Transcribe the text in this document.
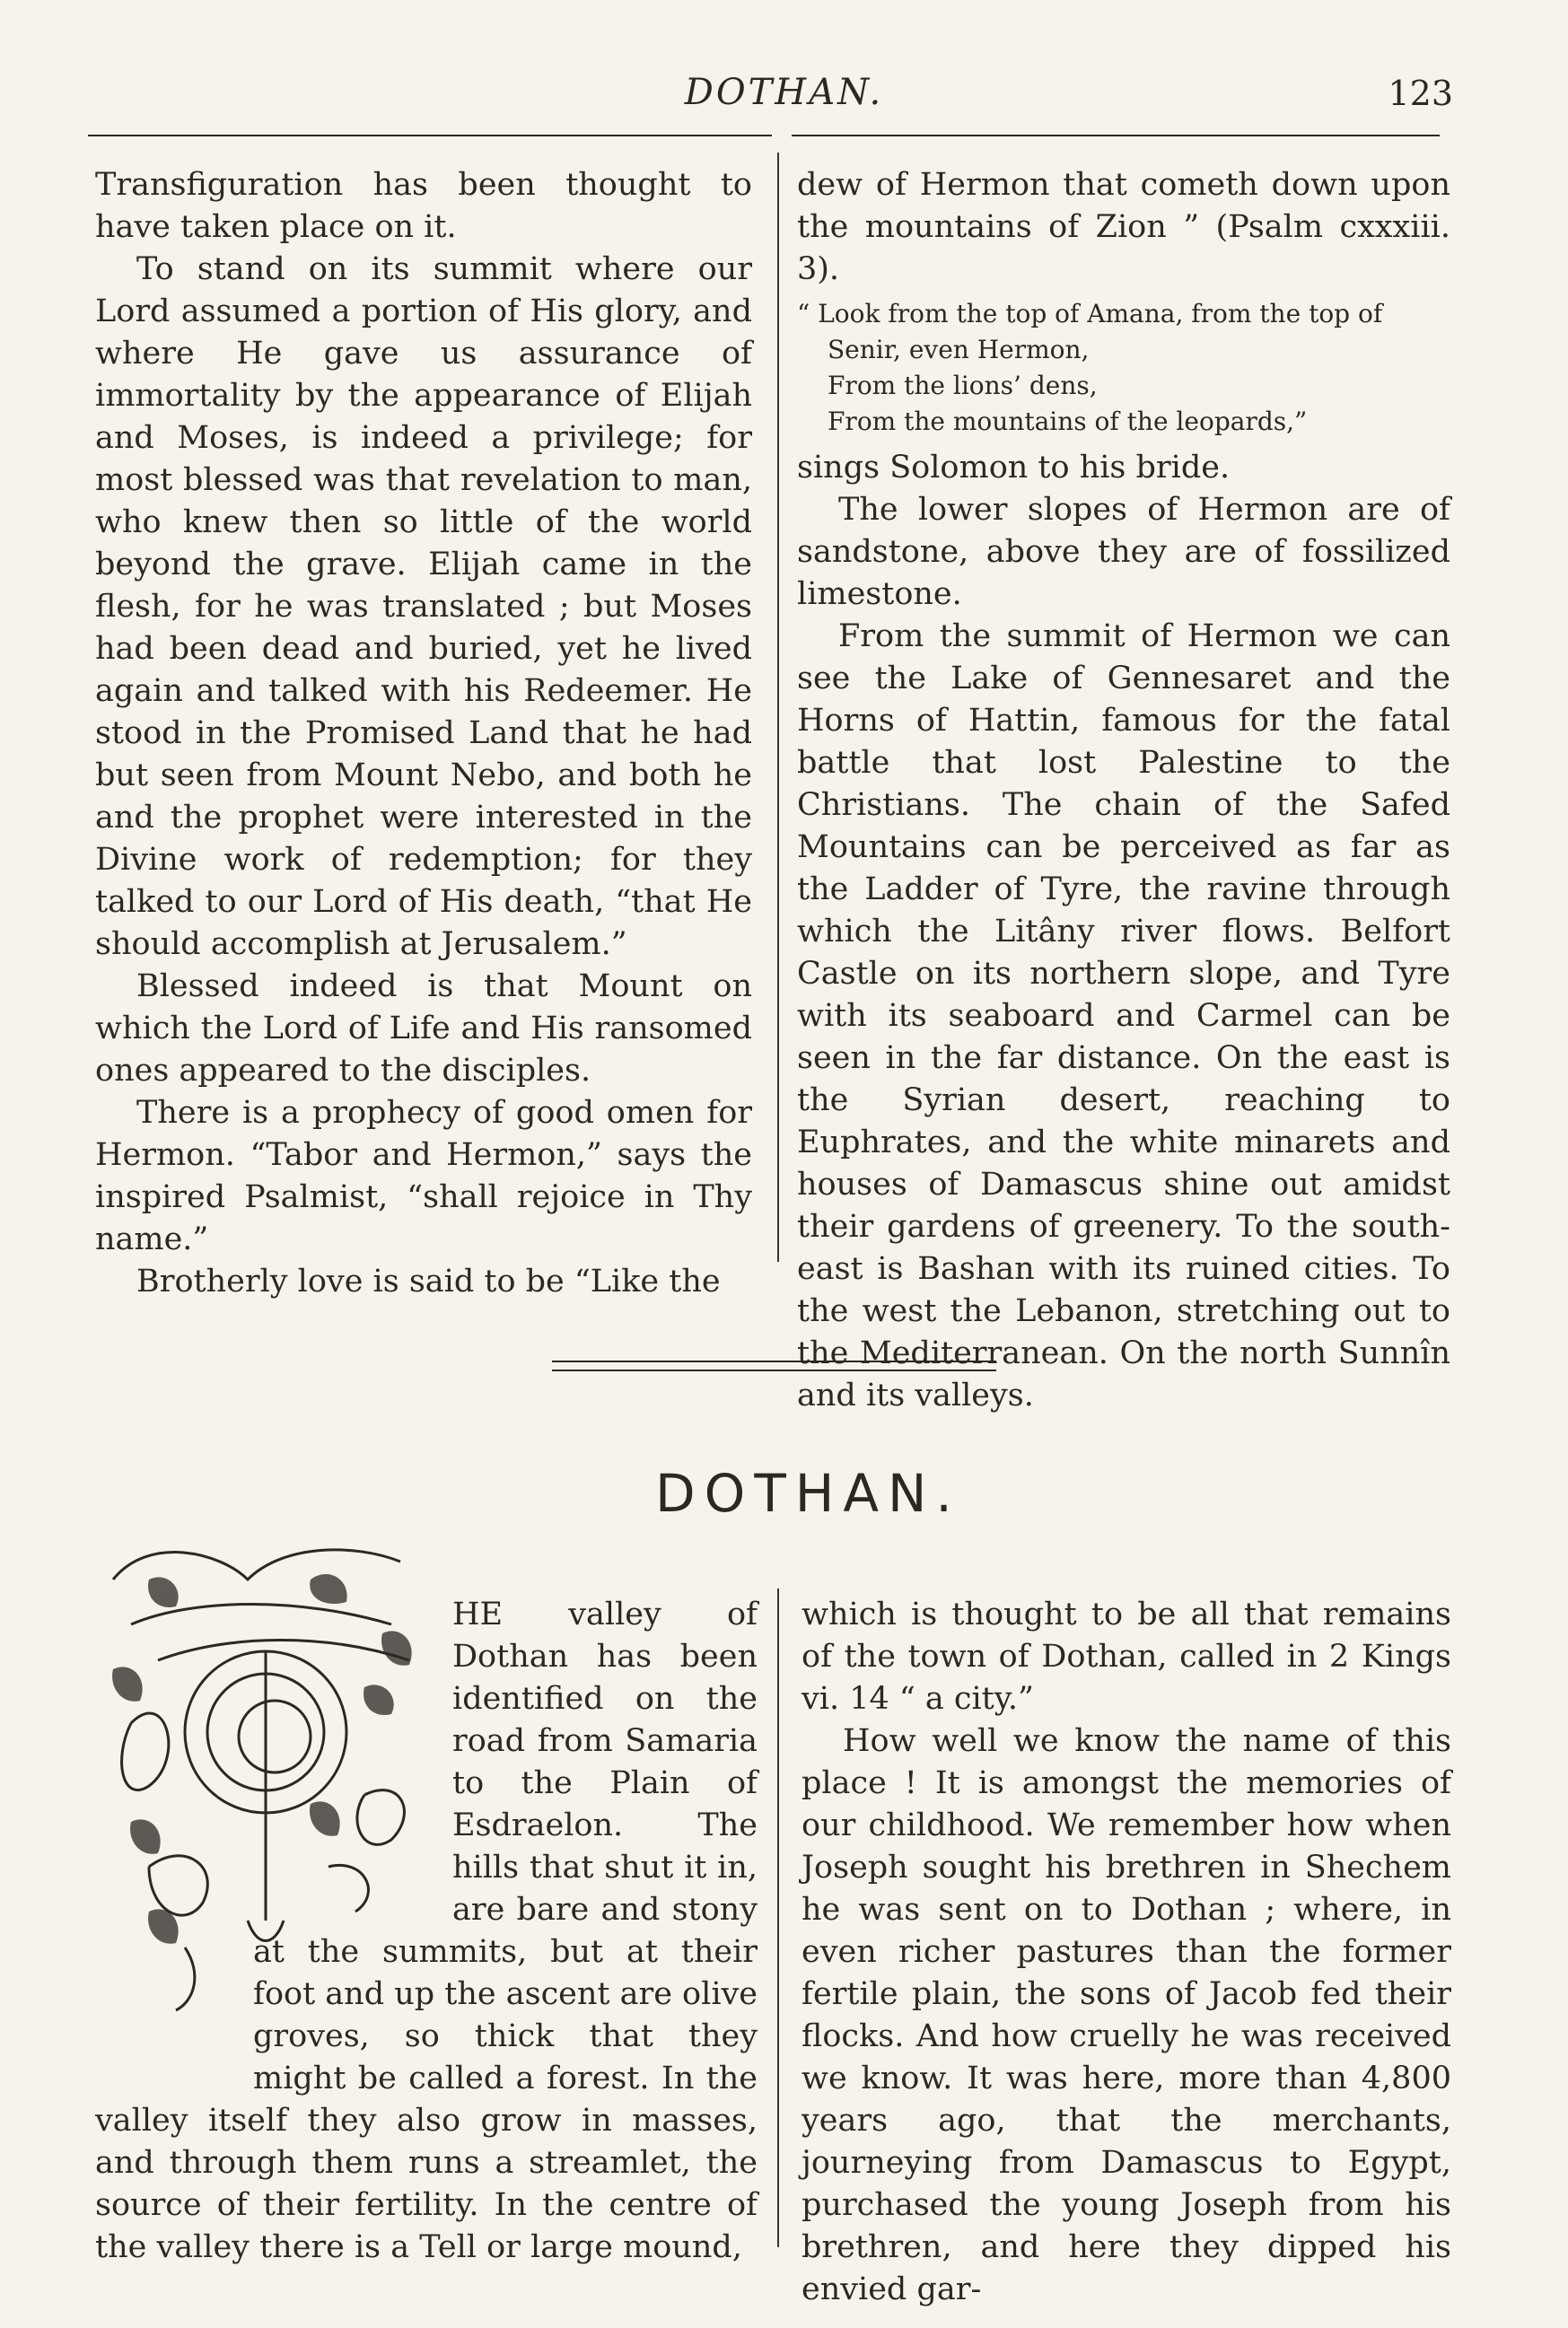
DOTHAN.	123

Transfiguration has been thought to have taken place on it.

To stand on its summit where our Lord assumed a portion of His glory, and where He gave us assurance of immortality by the appearance of Elijah and Moses, is indeed a privilege; for most blessed was that revelation to man, who knew then so little of the world beyond the grave. Elijah came in the flesh, for he was translated ; but Moses had been dead and buried, yet he lived again and talked with his Redeemer. He stood in the Promised Land that he had but seen from Mount Nebo, and both he and the prophet were interested in the Divine work of redemption; for they talked to our Lord of His death, “that He should accomplish at Jerusalem.”

Blessed indeed is that Mount on which the Lord of Life and His ransomed ones appeared to the disciples.

There is a prophecy of good omen for Hermon. “Tabor and Hermon,” says the inspired Psalmist, “shall rejoice in Thy name.”

Brotherly love is said to be “Like the

dew of Hermon that cometh down upon the mountains of Zion ” (Psalm cxxxiii. 3).

“ Look from the top of Amana, from the top of
Senir, even Hermon,
From the lions’ dens,
From the mountains of the leopards,”

sings Solomon to his bride.

The lower slopes of Hermon are of sandstone, above they are of fossilized limestone.

From the summit of Hermon we can see the Lake of Gennesaret and the Horns of Hattin, famous for the fatal battle that lost Palestine to the Christians. The chain of the Safed Mountains can be perceived as far as the Ladder of Tyre, the ravine through which the Litâny river flows. Belfort Castle on its northern slope, and Tyre with its seaboard and Carmel can be seen in the far distance. On the east is the Syrian desert, reaching to Euphrates, and the white minarets and houses of Damascus shine out amidst their gardens of greenery. To the south-east is Bashan with its ruined cities. To the west the Lebanon, stretching out to the Mediterranean. On the north Sunnîn and its valleys.

DOTHAN.

HE valley of Dothan has been identified on the road from Samaria to the Plain of Esdraelon. The hills that shut it in, are bare and stony at the summits, but at their foot and up the ascent are olive groves, so thick that they might be called a forest. In the valley itself they also grow in masses, and through them runs a streamlet, the source of their fertility. In the centre of the valley there is a Tell or large mound,

which is thought to be all that remains of the town of Dothan, called in 2 Kings vi. 14 “ a city.”

How well we know the name of this place ! It is amongst the memories of our childhood. We remember how when Joseph sought his brethren in Shechem he was sent on to Dothan ; where, in even richer pastures than the former fertile plain, the sons of Jacob fed their flocks. And how cruelly he was received we know. It was here, more than 4,800 years ago, that the merchants, journeying from Damascus to Egypt, purchased the young Joseph from his brethren, and here they dipped his envied gar-
